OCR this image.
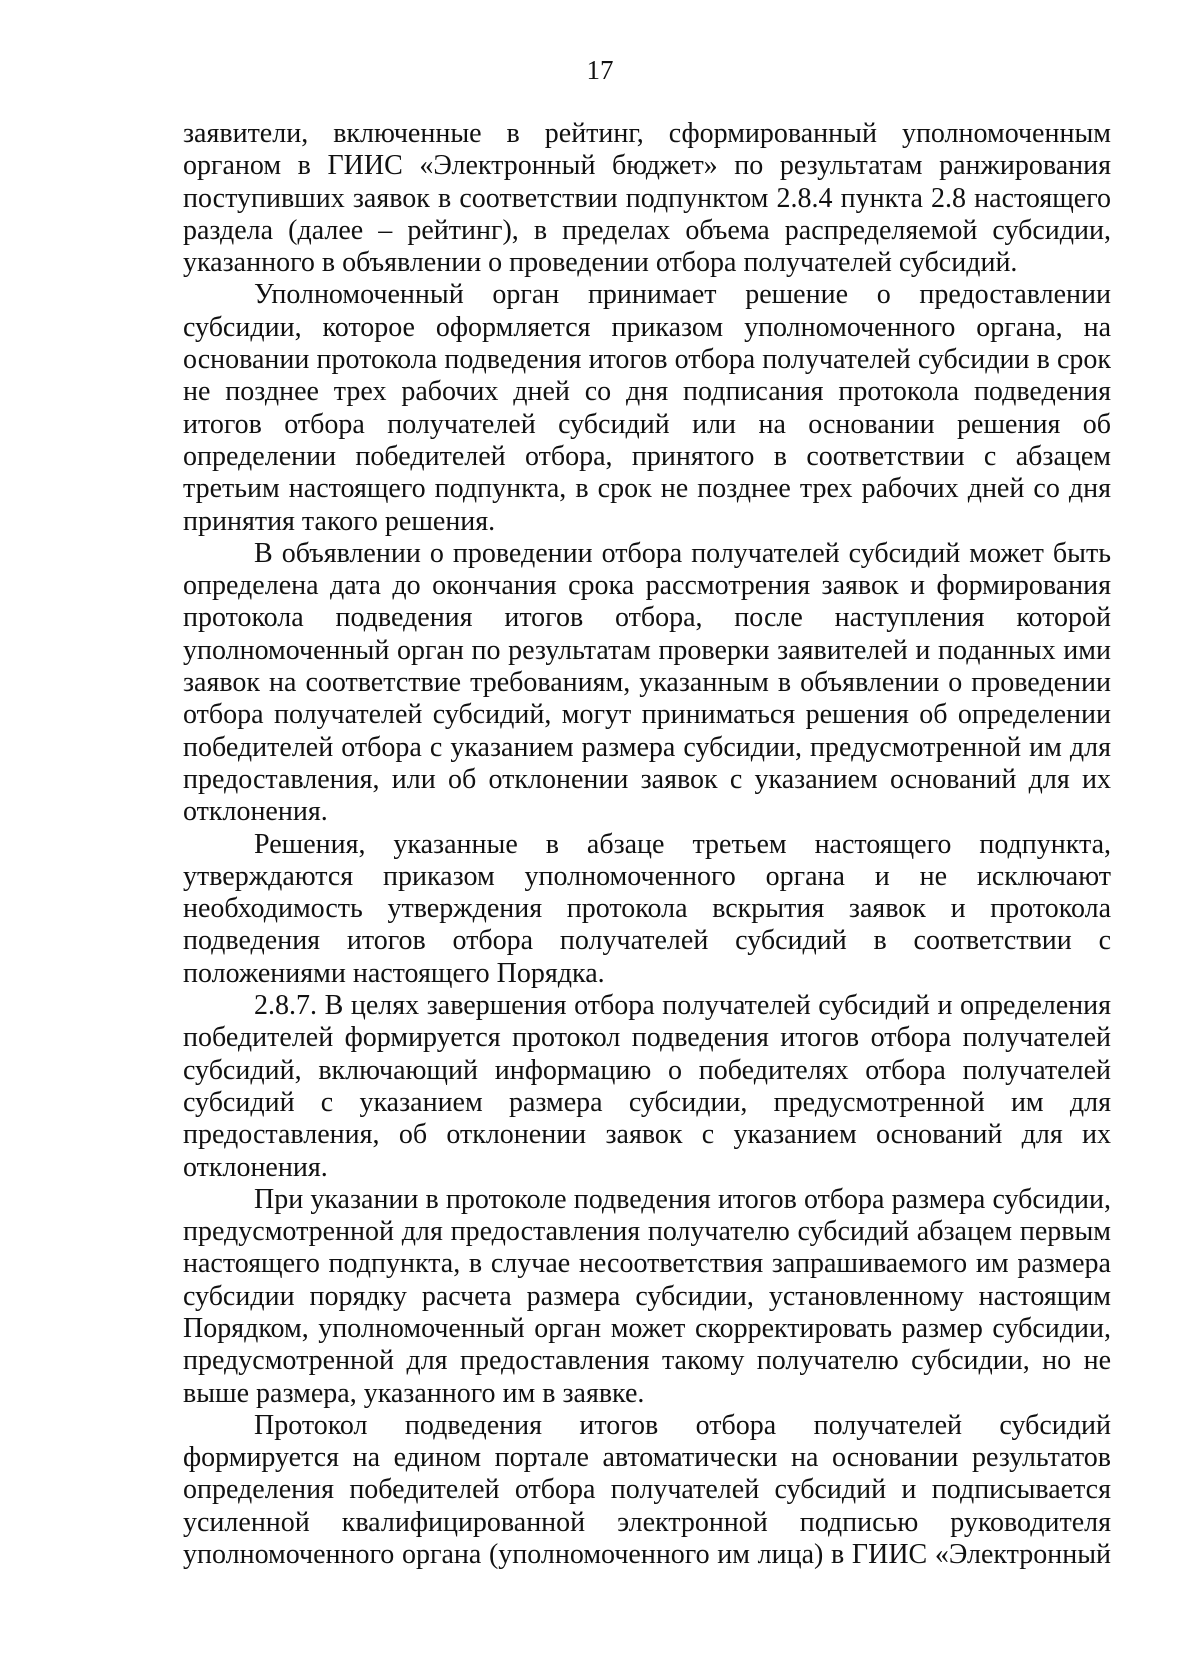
17

заявители, включенные в рейтинг, сформированный уполномоченным органом в ГИИС «Электронный бюджет» по результатам ранжирования поступивших заявок в соответствии подпунктом 2.8.4 пункта 2.8 настоящего раздела (далее – рейтинг), в пределах объема распределяемой субсидии, указанного в объявлении о проведении отбора получателей субсидий.

Уполномоченный орган принимает решение о предоставлении субсидии, которое оформляется приказом уполномоченного органа, на основании протокола подведения итогов отбора получателей субсидии в срок не позднее трех рабочих дней со дня подписания протокола подведения итогов отбора получателей субсидий или на основании решения об определении победителей отбора, принятого в соответствии с абзацем третьим настоящего подпункта, в срок не позднее трех рабочих дней со дня принятия такого решения.

В объявлении о проведении отбора получателей субсидий может быть определена дата до окончания срока рассмотрения заявок и формирования протокола подведения итогов отбора, после наступления которой уполномоченный орган по результатам проверки заявителей и поданных ими заявок на соответствие требованиям, указанным в объявлении о проведении отбора получателей субсидий, могут приниматься решения об определении победителей отбора с указанием размера субсидии, предусмотренной им для предоставления, или об отклонении заявок с указанием оснований для их отклонения.

Решения, указанные в абзаце третьем настоящего подпункта, утверждаются приказом уполномоченного органа и не исключают необходимость утверждения протокола вскрытия заявок и протокола подведения итогов отбора получателей субсидий в соответствии с положениями настоящего Порядка.

2.8.7. В целях завершения отбора получателей субсидий и определения победителей формируется протокол подведения итогов отбора получателей субсидий, включающий информацию о победителях отбора получателей субсидий с указанием размера субсидии, предусмотренной им для предоставления, об отклонении заявок с указанием оснований для их отклонения.

При указании в протоколе подведения итогов отбора размера субсидии, предусмотренной для предоставления получателю субсидий абзацем первым настоящего подпункта, в случае несоответствия запрашиваемого им размера субсидии порядку расчета размера субсидии, установленному настоящим Порядком, уполномоченный орган может скорректировать размер субсидии, предусмотренной для предоставления такому получателю субсидии, но не выше размера, указанного им в заявке.

Протокол подведения итогов отбора получателей субсидий формируется на едином портале автоматически на основании результатов определения победителей отбора получателей субсидий и подписывается усиленной квалифицированной электронной подписью руководителя уполномоченного органа (уполномоченного им лица) в ГИИС «Электронный
